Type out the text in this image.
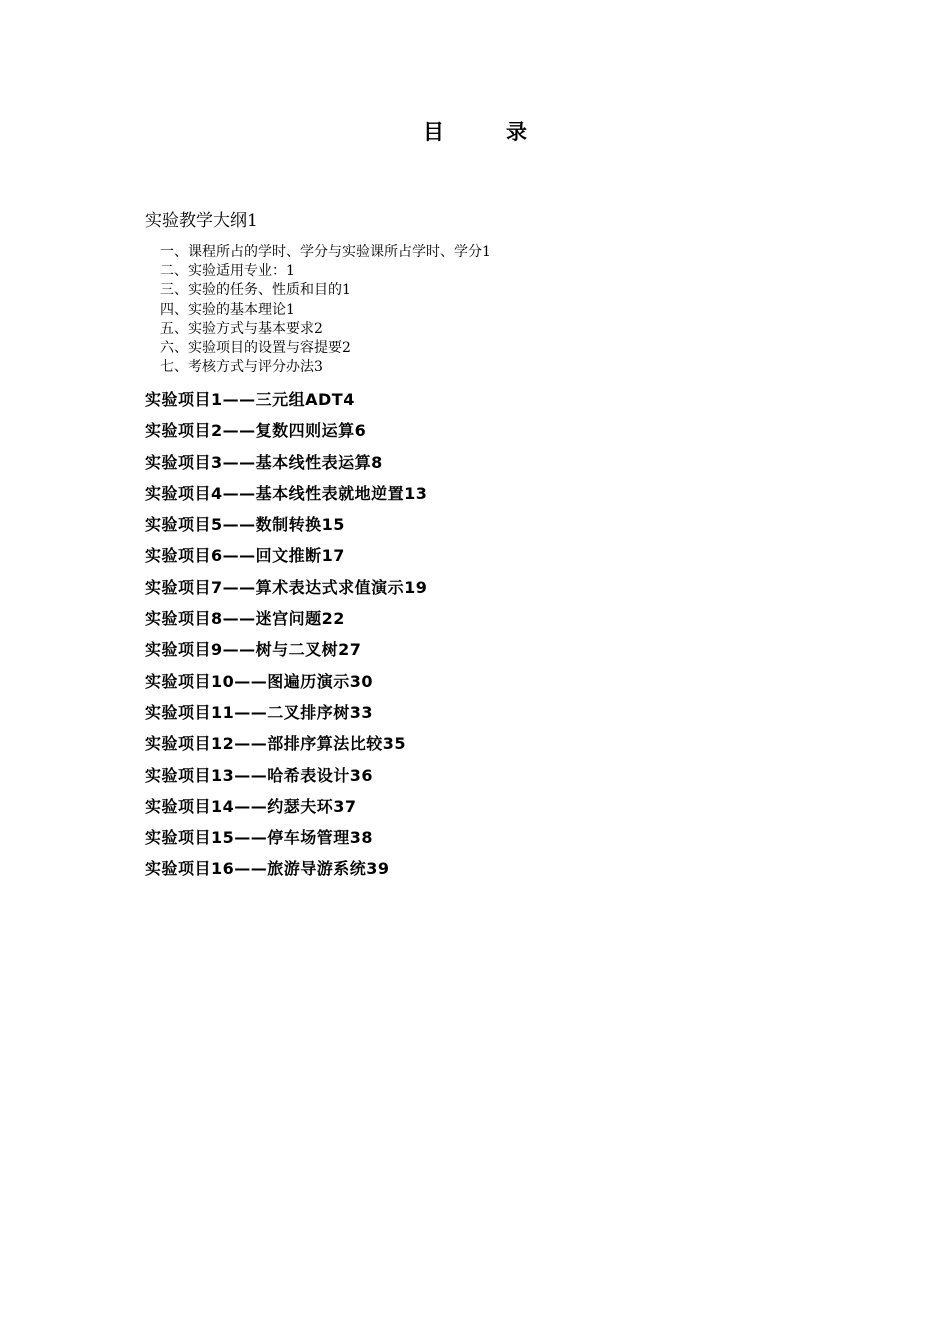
目录

实验教学大纲1

一、课程所占的学时、学分与实验课所占学时、学分1
二、实验适用专业：1
三、实验的任务、性质和目的1
四、实验的基本理论1
五、实验方式与基本要求2
六、实验项目的设置与容提要2
七、考核方式与评分办法3
实验项目1——三元组ADT4
实验项目2——复数四则运算6
实验项目3——基本线性表运算8
实验项目4——基本线性表就地逆置13
实验项目5——数制转换15
实验项目6——回文推断17
实验项目7——算术表达式求值演示19
实验项目8——迷宫问题22
实验项目9——树与二叉树27
实验项目10——图遍历演示30
实验项目11——二叉排序树33
实验项目12——部排序算法比较35
实验项目13——哈希表设计36
实验项目14——约瑟夫环37
实验项目15——停车场管理38
实验项目16——旅游导游系统39
